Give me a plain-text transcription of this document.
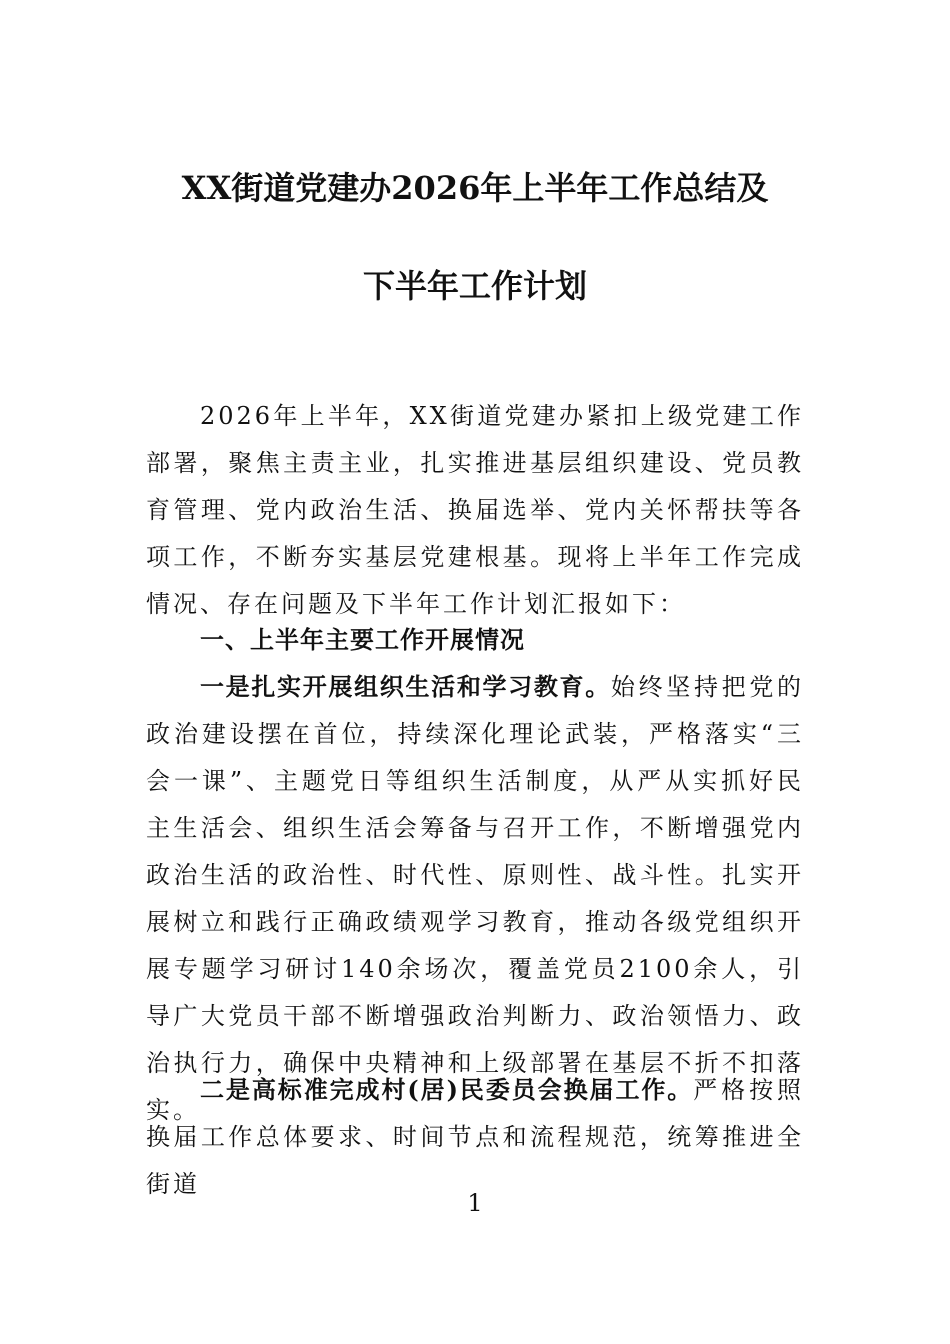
XX街道党建办2026年上半年工作总结及
下半年工作计划

2026年上半年，XX街道党建办紧扣上级党建工作部署，聚焦主责主业，扎实推进基层组织建设、党员教育管理、党内政治生活、换届选举、党内关怀帮扶等各项工作，不断夯实基层党建根基。现将上半年工作完成情况、存在问题及下半年工作计划汇报如下：

一、上半年主要工作开展情况

一是扎实开展组织生活和学习教育。始终坚持把党的政治建设摆在首位，持续深化理论武装，严格落实“三会一课”、主题党日等组织生活制度，从严从实抓好民主生活会、组织生活会筹备与召开工作，不断增强党内政治生活的政治性、时代性、原则性、战斗性。扎实开展树立和践行正确政绩观学习教育，推动各级党组织开展专题学习研讨140余场次，覆盖党员2100余人，引导广大党员干部不断增强政治判断力、政治领悟力、政治执行力，确保中央精神和上级部署在基层不折不扣落实。

二是高标准完成村(居)民委员会换届工作。严格按照换届工作总体要求、时间节点和流程规范，统筹推进全街道

1
